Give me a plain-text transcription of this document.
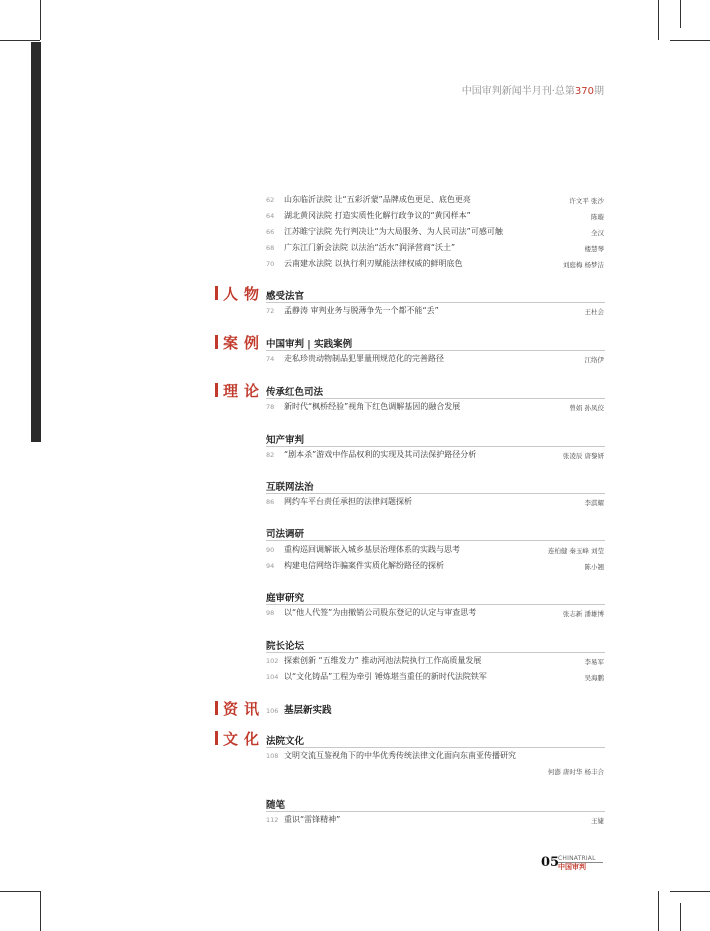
中国审判新闻半月刊·总第370期
62 山东临沂法院 让“五彩沂蒙”品牌成色更足、底色更亮	许文平 张沙
64 湖北黄冈法院 打造实质性化解行政争议的“黄冈样本”	陈璇
66 江苏睢宁法院 先行判决让“为大局服务、为人民司法”可感可触	全汉
68 广东江门新会法院 以法治“活水”润泽营商“沃土”	楼慧琴
70 云南建水法院 以执行利刃赋能法律权威的鲜明底色	刘庭梅 杨梦洁
人物 感受法官
72 孟静涛 审判业务与脱薄争先一个都不能“丢”	王杜会
案例 中国审判 | 实践案例
74 走私珍贵动物制品犯罪量刑规范化的完善路径	江络伊
理论 传承红色司法
78 新时代“枫桥经验”视角下红色调解基因的融合发展	曾娟 孙凤佼
知产审判
82 “剧本杀”游戏中作品权利的实现及其司法保护路径分析	张凌辰 唐黎妍
互联网法治
86 网约车平台责任承担的法律问题探析	李淇耀
司法调研
90 重构巡回调解嵌入城乡基层治理体系的实践与思考	连柏健 秦玉峰 刘莹
94 构建电信网络诈骗案件实质化解纷路径的探析	陈小翘
庭审研究
98 以“他人代签”为由撤销公司股东登记的认定与审查思考	张志新 潘雄博
院长论坛
102 探索创新 “五维发力” 推动河池法院执行工作高质量发展	李易军
104 以“文化铸品”工程为牵引 锤炼堪当重任的新时代法院铁军	吴海鹏
资讯 106 基层新实践
文化 法院文化
108 文明交流互鉴视角下的中华优秀传统法律文化面向东南亚传播研究
何澎 唐时华 杨丰合
随笔
112 重识“雷锋精神”	王婕
05
CHINATRIAL
中国审判
